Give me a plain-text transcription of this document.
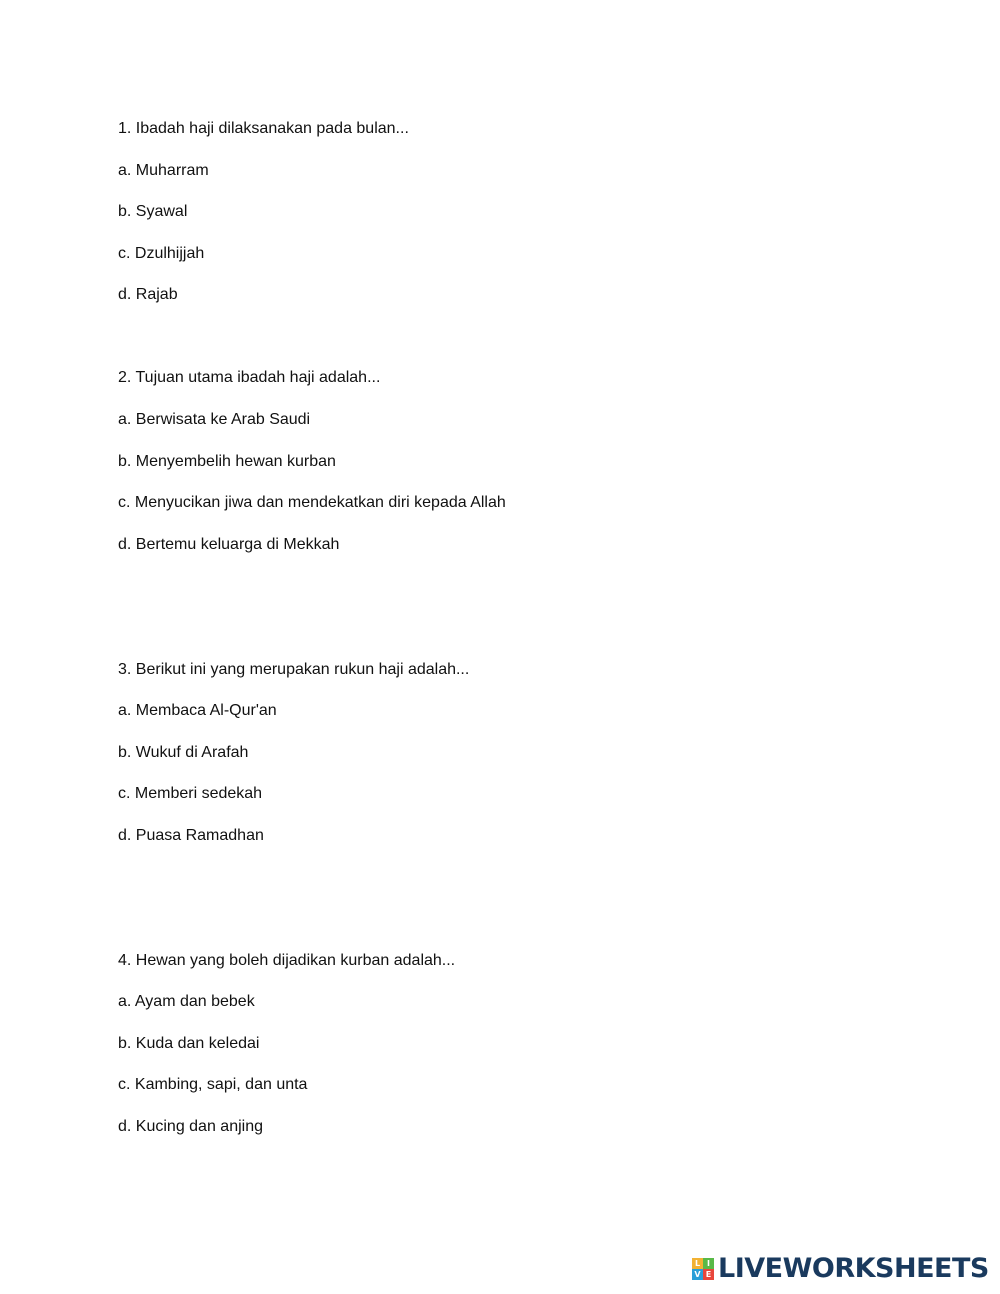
1. Ibadah haji dilaksanakan pada bulan...
a. Muharram
b. Syawal
c. Dzulhijjah
d. Rajab
2. Tujuan utama ibadah haji adalah...
a. Berwisata ke Arab Saudi
b. Menyembelih hewan kurban
c. Menyucikan jiwa dan mendekatkan diri kepada Allah
d. Bertemu keluarga di Mekkah
3. Berikut ini yang merupakan rukun haji adalah...
a. Membaca Al-Qur'an
b. Wukuf di Arafah
c. Memberi sedekah
d. Puasa Ramadhan
4. Hewan yang boleh dijadikan kurban adalah...
a. Ayam dan bebek
b. Kuda dan keledai
c. Kambing, sapi, dan unta
d. Kucing dan anjing
L I
V E LIVEWORKSHEETS
